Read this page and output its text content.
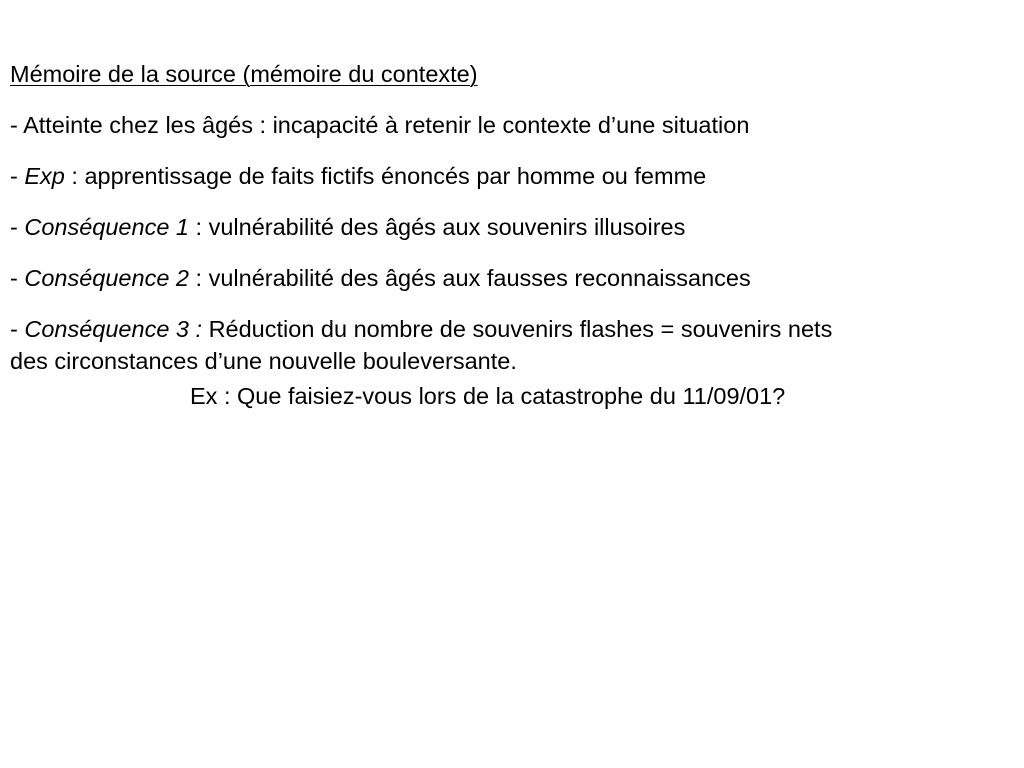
Mémoire de la source (mémoire du contexte)
- Atteinte chez les âgés : incapacité à retenir le contexte d’une situation
- Exp : apprentissage de faits fictifs énoncés par homme ou femme
- Conséquence 1 : vulnérabilité des âgés aux souvenirs illusoires
- Conséquence 2 : vulnérabilité des âgés aux fausses reconnaissances
- Conséquence 3 : Réduction du nombre de souvenirs flashes = souvenirs nets
des circonstances d’une nouvelle bouleversante.
Ex : Que faisiez-vous lors de la catastrophe du 11/09/01?
